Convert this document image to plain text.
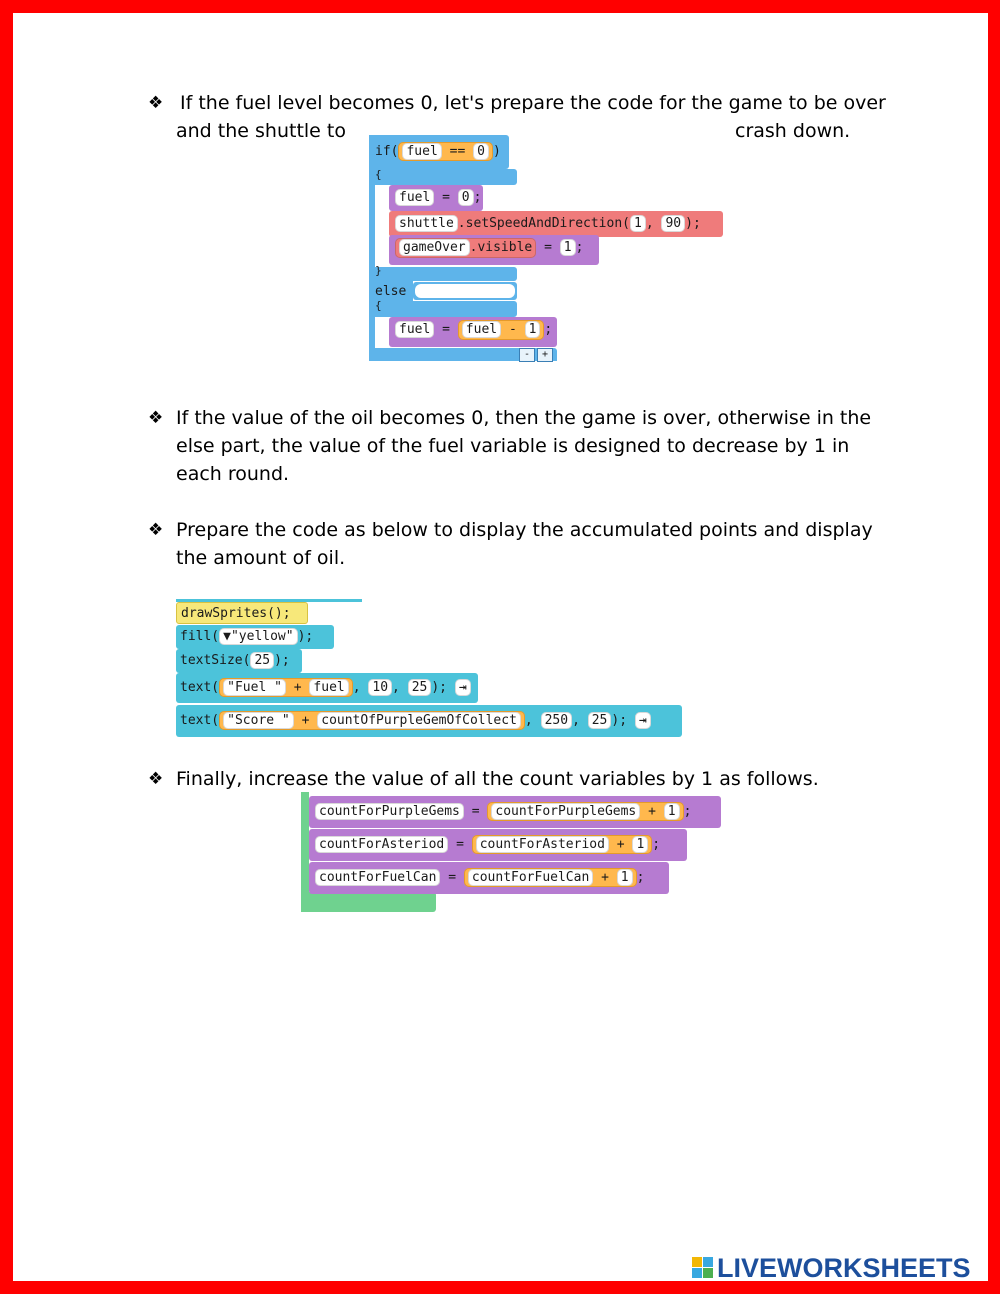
❖ If the fuel level becomes 0, let's prepare the code for the game to be over
and the shuttle to	crash down.
if( fuel == 0 )
{
fuel = 0 ;
shuttle .setSpeedAndDirection( 1 , 90 );
gameOver .visible = 1 ;
}
else
{
fuel = fuel - 1 ;
-	+
❖ If the value of the oil becomes 0, then the game is over, otherwise in the else part, the value of the fuel variable is designed to decrease by 1 in each round.
❖ Prepare the code as below to display the accumulated points and display the amount of oil.
drawSprites();
fill( ▼"yellow" );
textSize( 25 );
text( "Fuel " + fuel , 10 , 25 ); ⇥
text( "Score " + countOfPurpleGemOfCollect , 250 , 25 ); ⇥
❖ Finally, increase the value of all the count variables by 1 as follows.
countForPurpleGems = countForPurpleGems + 1 ;
countForAsteriod = countForAsteriod + 1 ;
countForFuelCan = countForFuelCan + 1 ;
LIVEWORKSHEETS
